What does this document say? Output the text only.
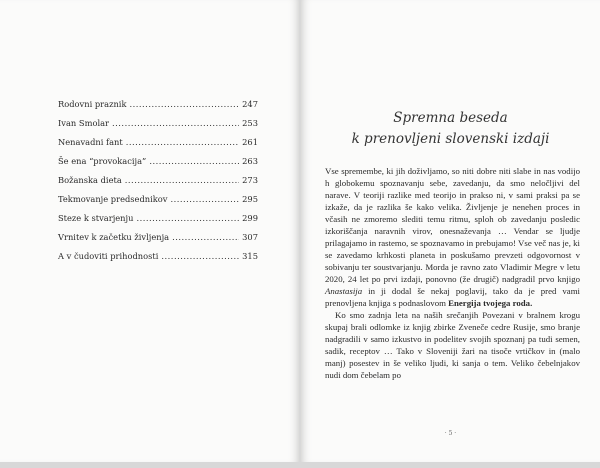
Rodovni praznik .....	247
Ivan Smolar .....	253
Nenavadni fant .....	261
Še ena “provokacija” .....	263
Božanska dieta .....	273
Tekmovanje predsednikov .....	295
Steze k stvarjenju .....	299
Vrnitev k začetku življenja .....	307
A v čudoviti prihodnosti .....	315
Spremna beseda
k prenovljeni slovenski izdaji

Vse spremembe, ki jih doživljamo, so niti dobre niti slabe in nas vodijo h globokemu spoznavanju sebe, zavedanju, da smo neločljivi del narave. V teoriji razlike med teorijo in prakso ni, v sami praksi pa se izkaže, da je razlika še kako velika. Življenje je nenehen proces in včasih ne zmoremo slediti temu ritmu, sploh ob zavedanju posledic izkoriščanja naravnih virov, onesnaževanja … Vendar se ljudje prilagajamo in rastemo, se spoznavamo in prebujamo! Vse več nas je, ki se zavedamo krhkosti planeta in poskušamo prevzeti odgovornost v sobivanju ter soustvarjanju. Morda je ravno zato Vladimir Megre v letu 2020, 24 let po prvi izdaji, ponovno (že drugič) nadgradil prvo knjigo Anastasija in ji dodal še nekaj poglavij, tako da je pred vami prenovljena knjiga s podnaslovom Energija tvojega roda.

Ko smo zadnja leta na naših srečanjih Povezani v bralnem krogu skupaj brali odlomke iz knjig zbirke Zveneče cedre Rusije, smo branje nadgradili v samo izkustvo in podelitev svojih spoznanj pa tudi semen, sadik, receptov … Tako v Sloveniji žari na tisoče vrtičkov in (malo manj) posestev in še veliko ljudi, ki sanja o tem. Veliko čebelnjakov nudi dom čebelam po

· 5 ·
